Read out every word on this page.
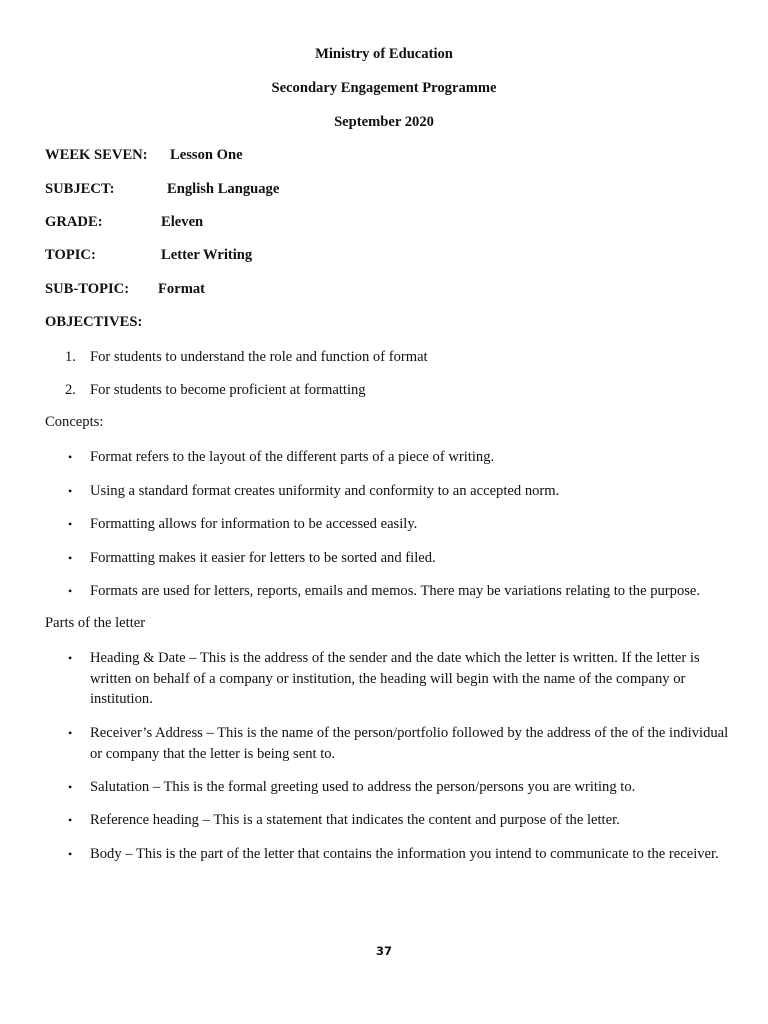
Ministry of Education
Secondary Engagement Programme
September 2020
WEEK SEVEN: Lesson One
SUBJECT:	English Language
GRADE:	Eleven
TOPIC:	Letter Writing
SUB-TOPIC: Format
OBJECTIVES:
1. For students to understand the role and function of format
2. For students to become proficient at formatting
Concepts:
• Format refers to the layout of the different parts of a piece of writing.
• Using a standard format creates uniformity and conformity to an accepted norm.
• Formatting allows for information to be accessed easily.
• Formatting makes it easier for letters to be sorted and filed.
• Formats are used for letters, reports, emails and memos. There may be variations relating to the purpose.
Parts of the letter
• Heading & Date – This is the address of the sender and the date which the letter is written. If the letter is written on behalf of a company or institution, the heading will begin with the name of the company or institution.
• Receiver’s Address – This is the name of the person/portfolio followed by the address of the of the individual or company that the letter is being sent to.
• Salutation – This is the formal greeting used to address the person/persons you are writing to.
• Reference heading – This is a statement that indicates the content and purpose of the letter.
• Body – This is the part of the letter that contains the information you intend to communicate to the receiver.
37
